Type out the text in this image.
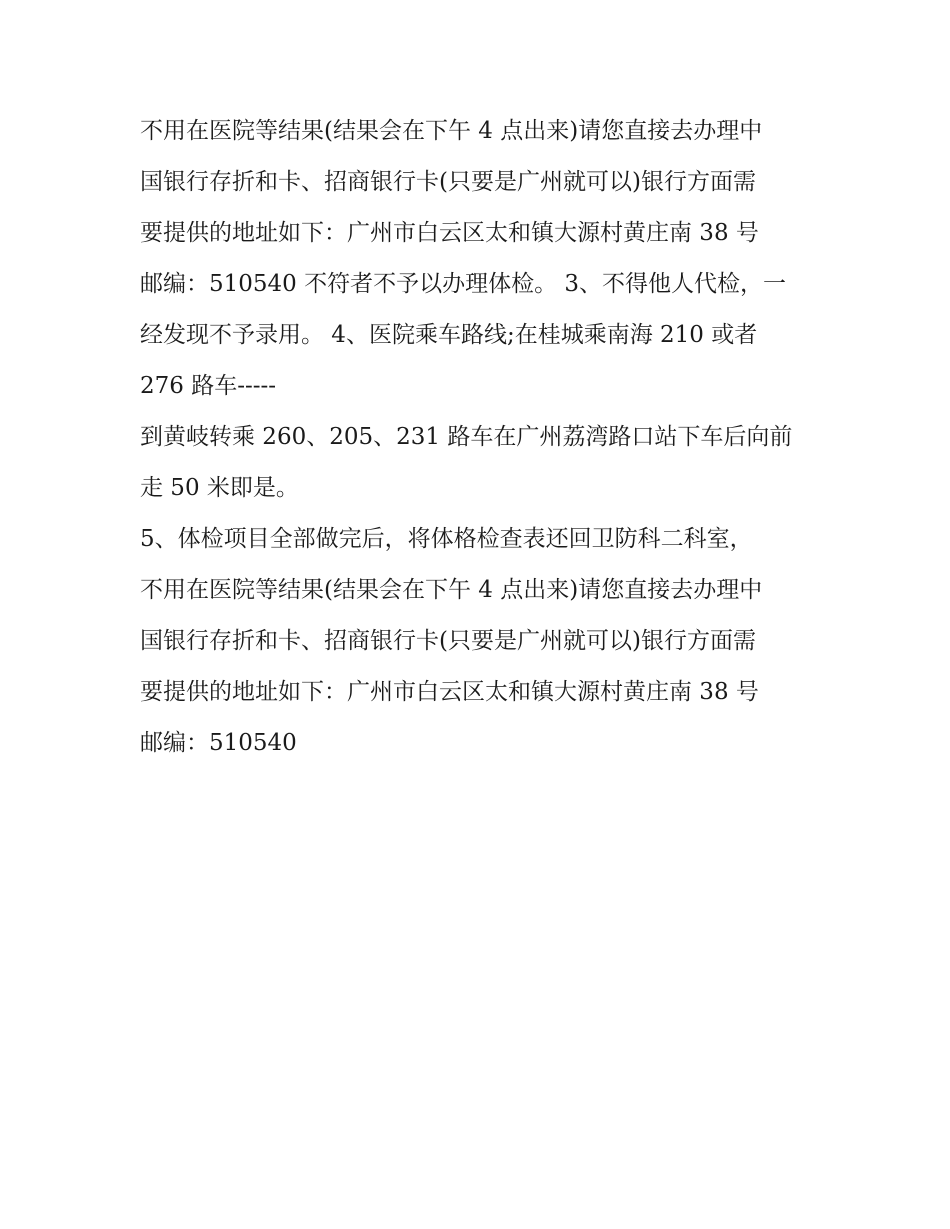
不用在医院等结果(结果会在下午 4 点出来)请您直接去办理中
国银行存折和卡、招商银行卡(只要是广州就可以)银行方面需
要提供的地址如下：广州市白云区太和镇大源村黄庄南 38 号
邮编：510540 不符者不予以办理体检。 3、不得他人代检，一
经发现不予录用。 4、医院乘车路线;在桂城乘南海 210 或者
276 路车-----
到黄岐转乘 260、205、231 路车在广州荔湾路口站下车后向前
走 50 米即是。
5、体检项目全部做完后，将体格检查表还回卫防科二科室，
不用在医院等结果(结果会在下午 4 点出来)请您直接去办理中
国银行存折和卡、招商银行卡(只要是广州就可以)银行方面需
要提供的地址如下：广州市白云区太和镇大源村黄庄南 38 号
邮编：510540
